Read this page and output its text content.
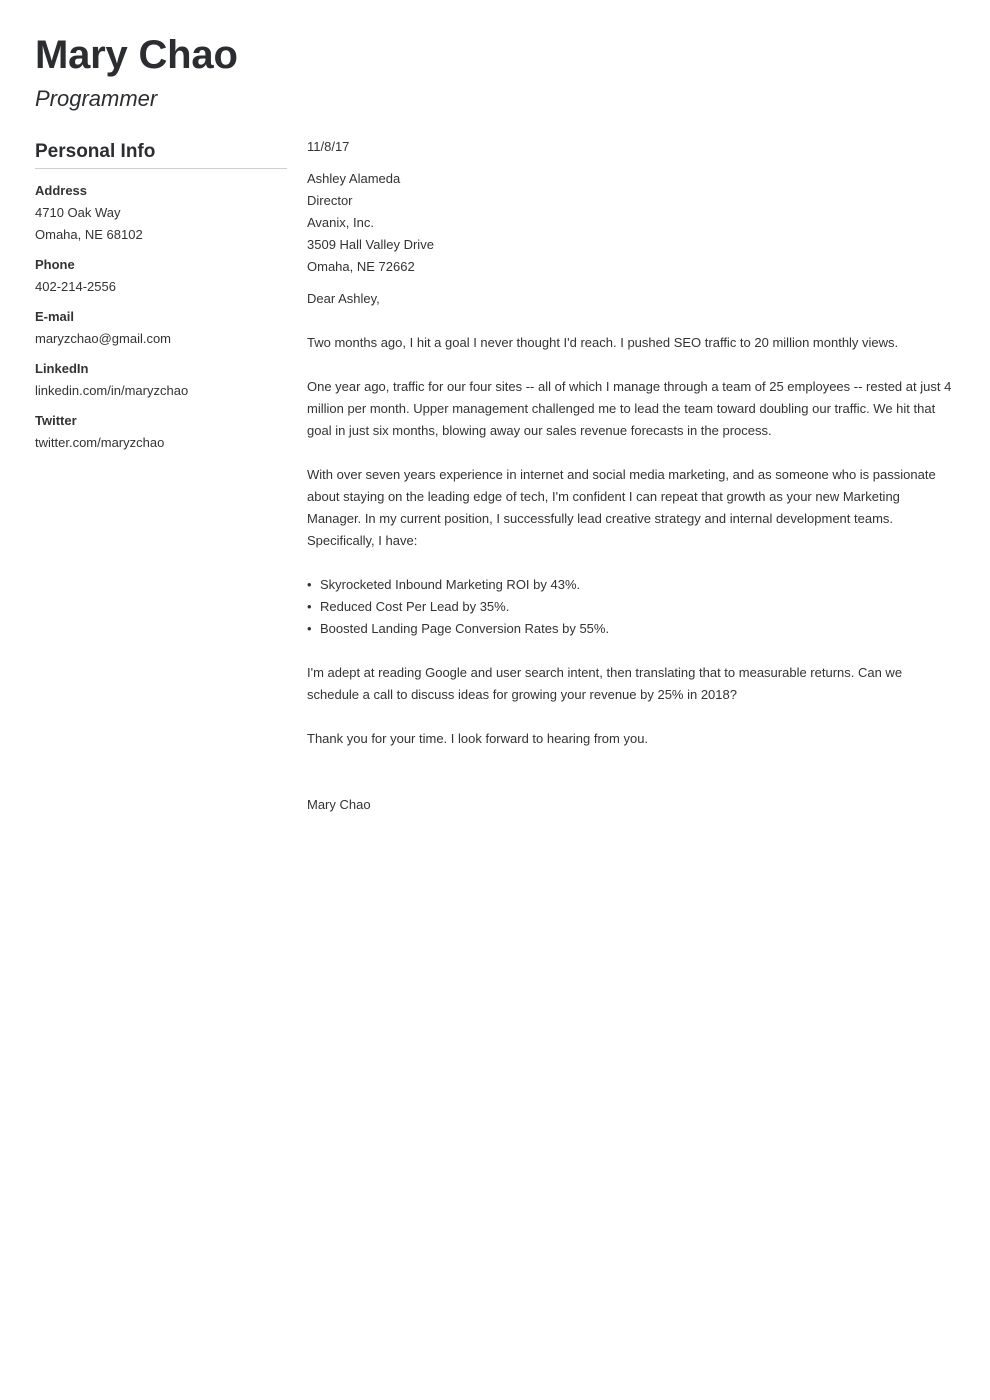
Mary Chao
Programmer
Personal Info
Address
4710 Oak Way
Omaha, NE 68102
Phone
402-214-2556
E-mail
maryzchao@gmail.com
LinkedIn
linkedin.com/in/maryzchao
Twitter
twitter.com/maryzchao
11/8/17
Ashley Alameda
Director
Avanix, Inc.
3509 Hall Valley Drive
Omaha, NE 72662
Dear Ashley,

Two months ago, I hit a goal I never thought I'd reach. I pushed SEO traffic to 20 million monthly views.

One year ago, traffic for our four sites -- all of which I manage through a team of 25 employees -- rested at just 4 million per month. Upper management challenged me to lead the team toward doubling our traffic. We hit that goal in just six months, blowing away our sales revenue forecasts in the process.

With over seven years experience in internet and social media marketing, and as someone who is passionate about staying on the leading edge of tech, I'm confident I can repeat that growth as your new Marketing Manager. In my current position, I successfully lead creative strategy and internal development teams. Specifically, I have:

• Skyrocketed Inbound Marketing ROI by 43%.
• Reduced Cost Per Lead by 35%.
• Boosted Landing Page Conversion Rates by 55%.

I'm adept at reading Google and user search intent, then translating that to measurable returns. Can we schedule a call to discuss ideas for growing your revenue by 25% in 2018?

Thank you for your time. I look forward to hearing from you.
Mary Chao
